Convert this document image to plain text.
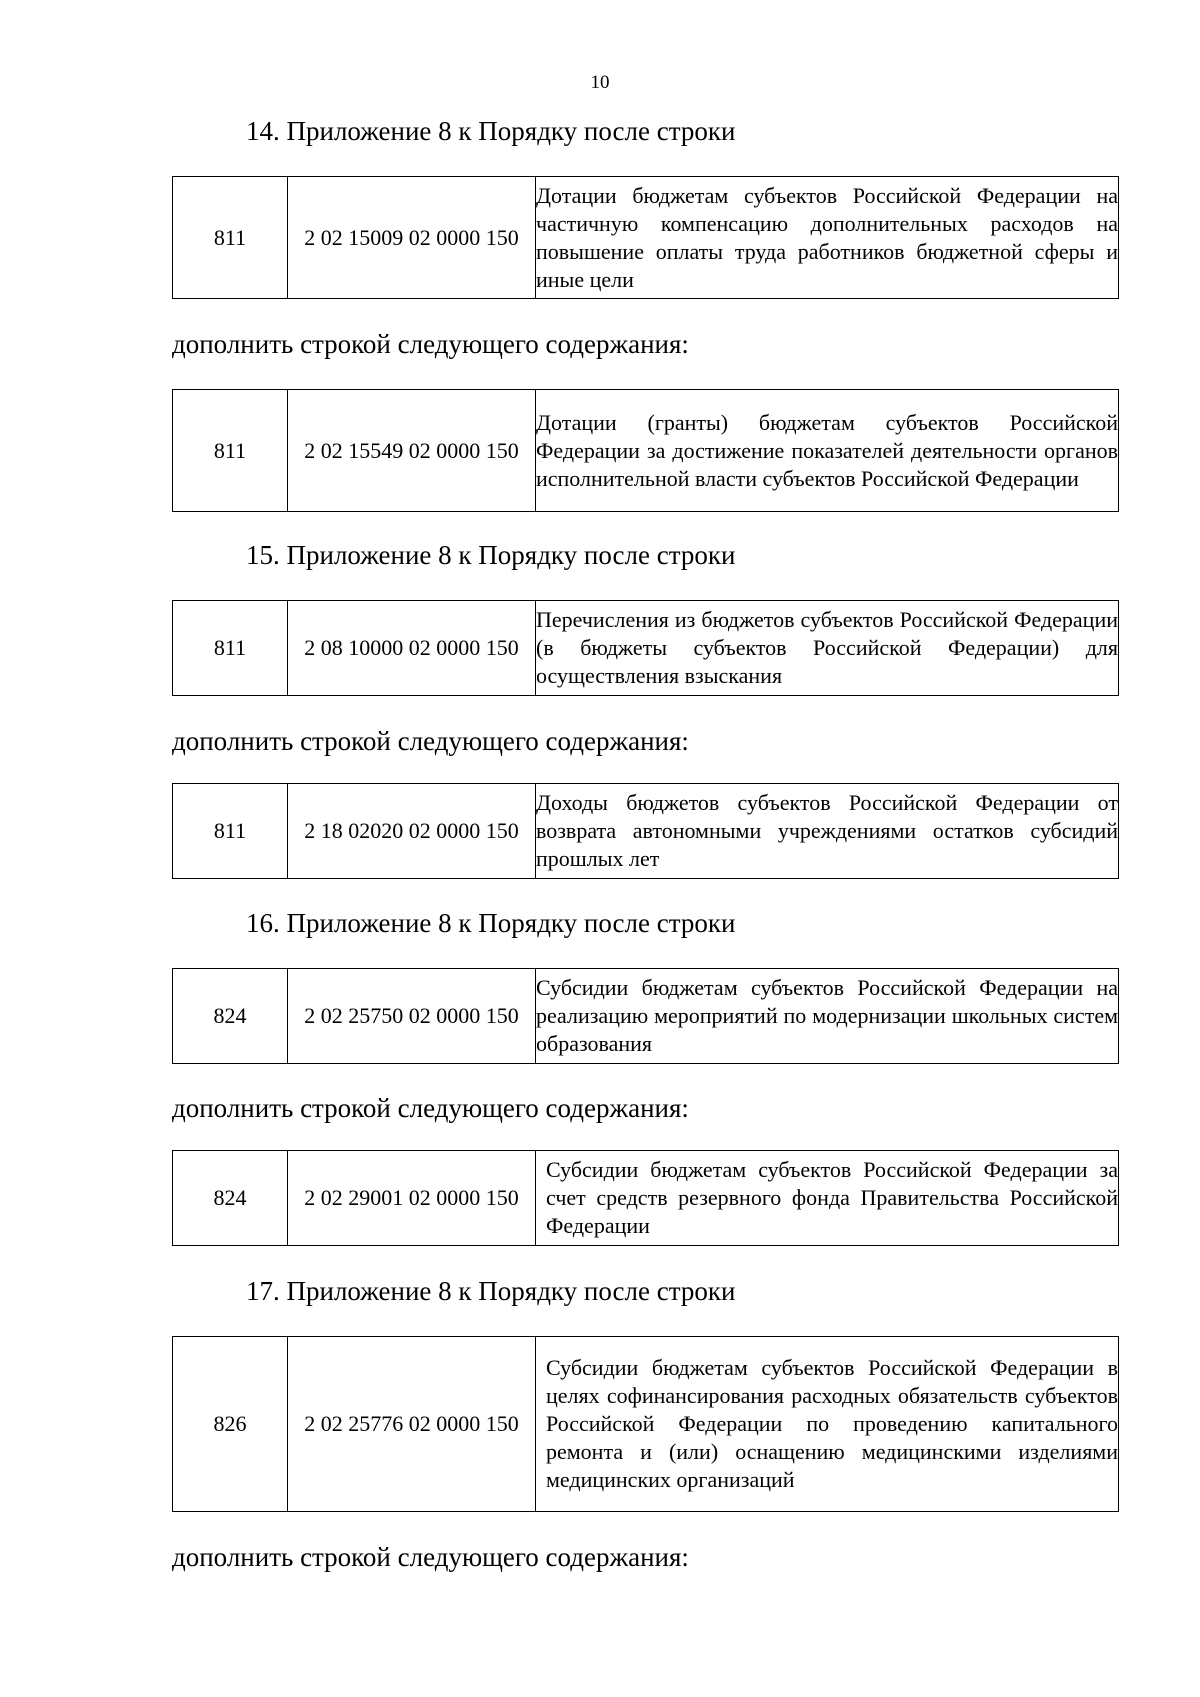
10
14. Приложение 8 к Порядку после строки
811	2 02 15009 02 0000 150	Дотации бюджетам субъектов Российской Федерации на частичную компенсацию дополнительных расходов на повышение оплаты труда работников бюджетной сферы и иные цели
дополнить строкой следующего содержания:
811	2 02 15549 02 0000 150	Дотации (гранты) бюджетам субъектов Российской Федерации за достижение показателей деятельности органов исполнительной власти субъектов Российской Федерации
15. Приложение 8 к Порядку после строки
811	2 08 10000 02 0000 150	Перечисления из бюджетов субъектов Российской Федерации (в бюджеты субъектов Российской Федерации) для осуществления взыскания
дополнить строкой следующего содержания:
811	2 18 02020 02 0000 150	Доходы бюджетов субъектов Российской Федерации от возврата автономными учреждениями остатков субсидий прошлых лет
16. Приложение 8 к Порядку после строки
824	2 02 25750 02 0000 150	Субсидии бюджетам субъектов Российской Федерации на реализацию мероприятий по модернизации школьных систем образования
дополнить строкой следующего содержания:
824	2 02 29001 02 0000 150	Субсидии бюджетам субъектов Российской Федерации за счет средств резервного фонда Правительства Российской Федерации
17. Приложение 8 к Порядку после строки
826	2 02 25776 02 0000 150	Субсидии бюджетам субъектов Российской Федерации в целях софинансирования расходных обязательств субъектов Российской Федерации по проведению капитального ремонта и (или) оснащению медицинскими изделиями медицинских организаций
дополнить строкой следующего содержания:
